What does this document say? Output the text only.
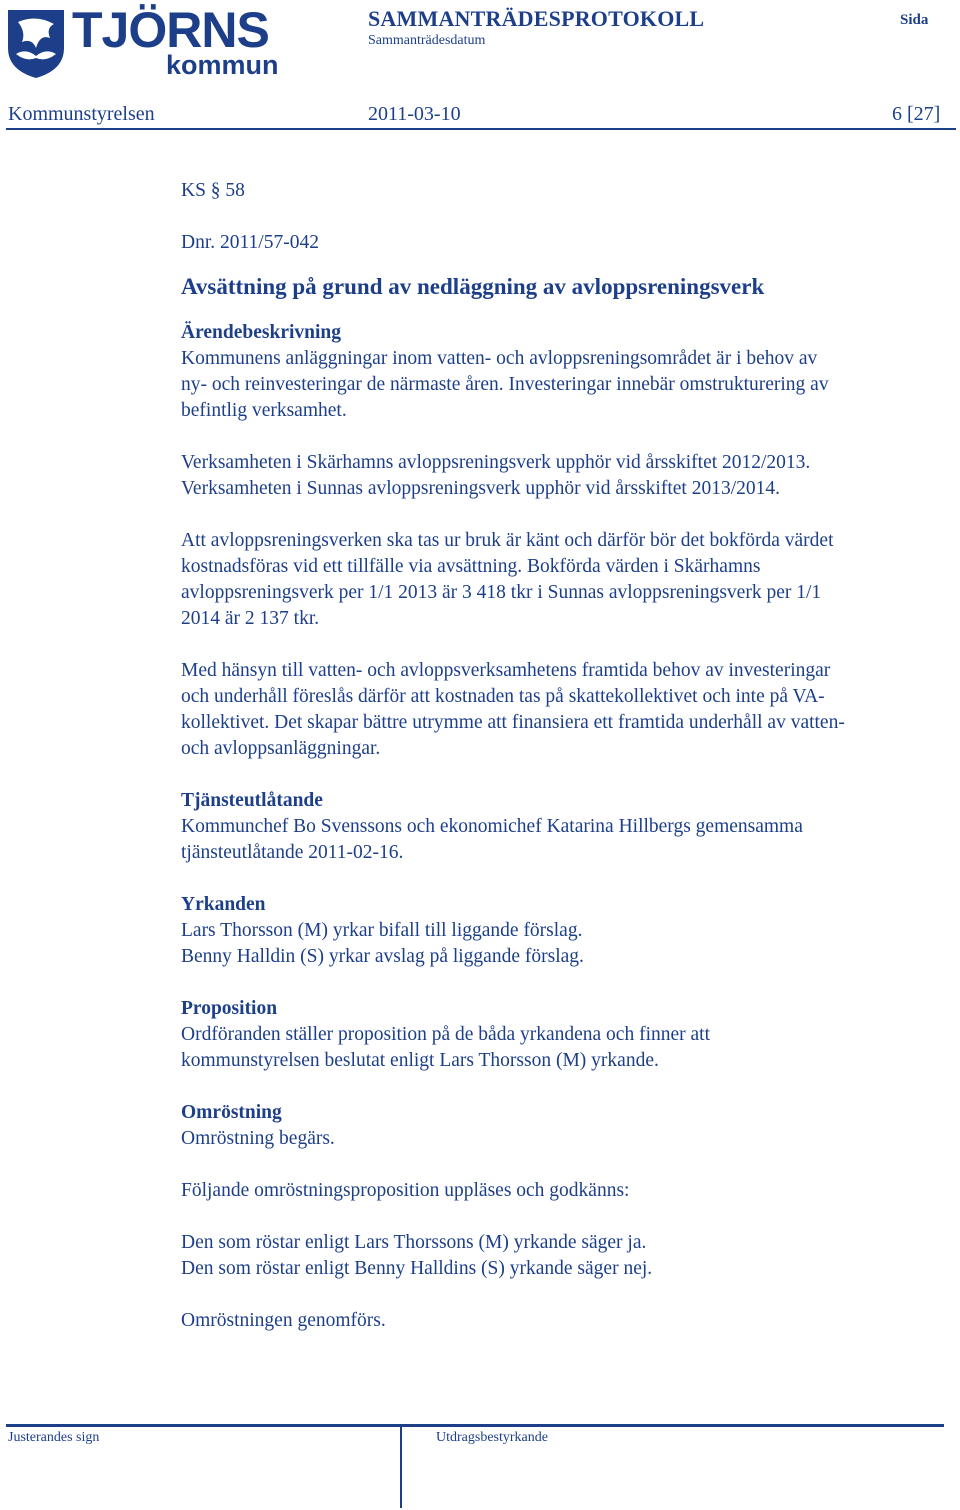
TJÖRNS
kommun
SAMMANTRÄDESPROTOKOLL
Sammanträdesdatum
Sida
Kommunstyrelsen	2011-03-10	6 [27]
KS § 58
Dnr. 2011/57-042
Avsättning på grund av nedläggning av avloppsreningsverk
Ärendebeskrivning
Kommunens anläggningar inom vatten- och avloppsreningsområdet är i behov av
ny- och reinvesteringar de närmaste åren. Investeringar innebär omstrukturering av
befintlig verksamhet.
Verksamheten i Skärhamns avloppsreningsverk upphör vid årsskiftet 2012/2013.
Verksamheten i Sunnas avloppsreningsverk upphör vid årsskiftet 2013/2014.
Att avloppsreningsverken ska tas ur bruk är känt och därför bör det bokförda värdet
kostnadsföras vid ett tillfälle via avsättning. Bokförda värden i Skärhamns
avloppsreningsverk per 1/1 2013 är 3 418 tkr i Sunnas avloppsreningsverk per 1/1
2014 är 2 137 tkr.
Med hänsyn till vatten- och avloppsverksamhetens framtida behov av investeringar
och underhåll föreslås därför att kostnaden tas på skattekollektivet och inte på VA-
kollektivet. Det skapar bättre utrymme att finansiera ett framtida underhåll av vatten-
och avloppsanläggningar.
Tjänsteutlåtande
Kommunchef Bo Svenssons och ekonomichef Katarina Hillbergs gemensamma
tjänsteutlåtande 2011-02-16.
Yrkanden
Lars Thorsson (M) yrkar bifall till liggande förslag.
Benny Halldin (S) yrkar avslag på liggande förslag.
Proposition
Ordföranden ställer proposition på de båda yrkandena och finner att
kommunstyrelsen beslutat enligt Lars Thorsson (M) yrkande.
Omröstning
Omröstning begärs.
Följande omröstningsproposition uppläses och godkänns:
Den som röstar enligt Lars Thorssons (M) yrkande säger ja.
Den som röstar enligt Benny Halldins (S) yrkande säger nej.
Omröstningen genomförs.
Justerandes sign	Utdragsbestyrkande
